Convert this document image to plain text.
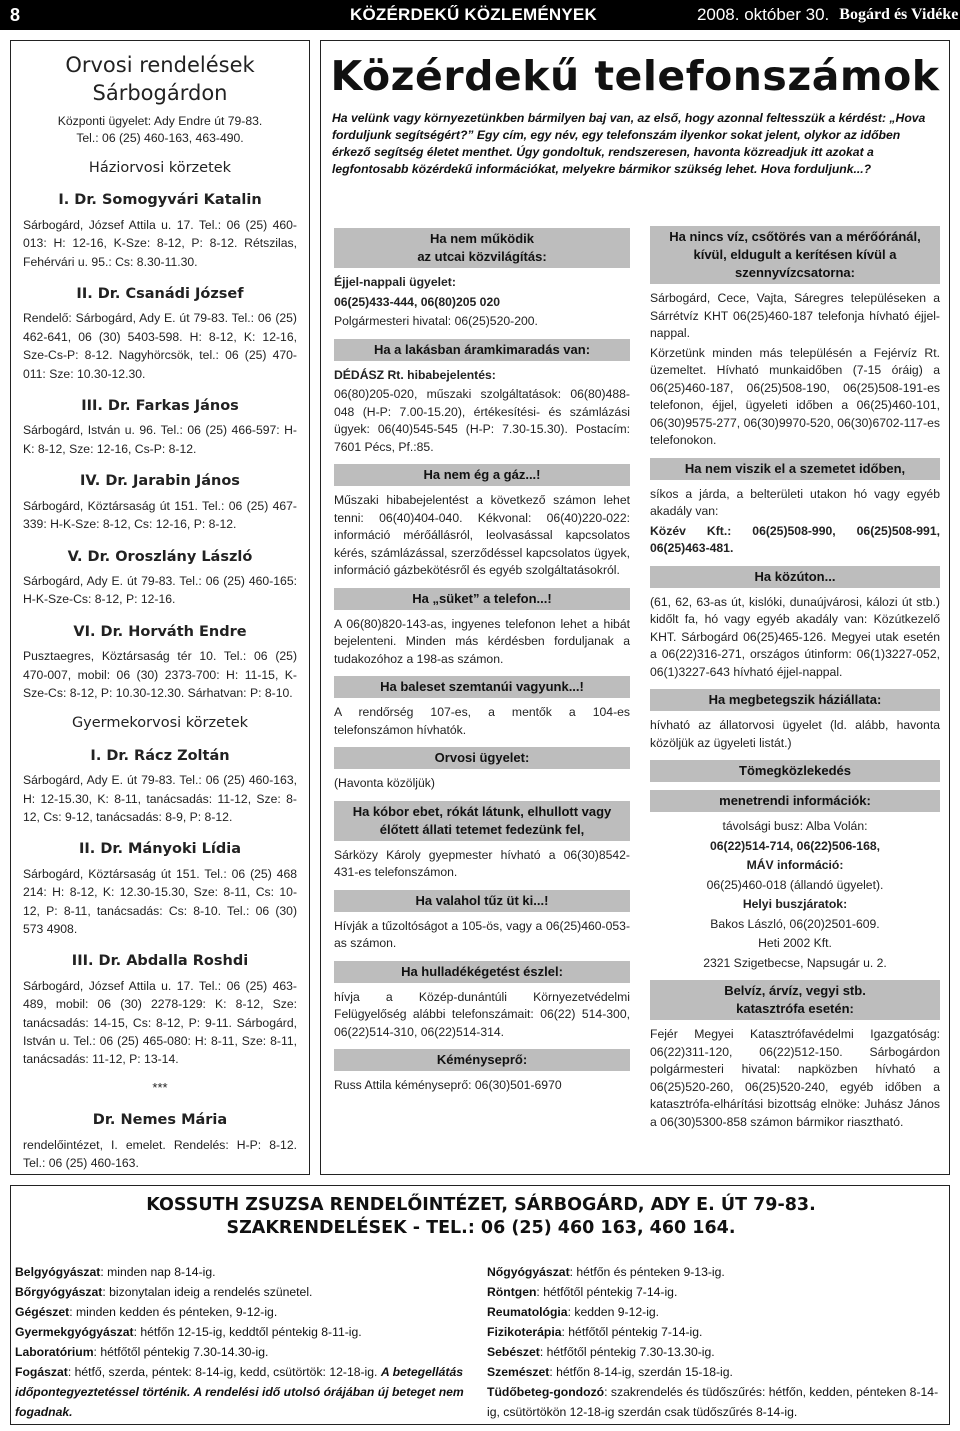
8	KÖZÉRDEKŰ KÖZLEMÉNYEK	2008. október 30. Bogárd és Vidéke
Orvosi rendelések
Sárbogárdon
Központi ügyelet: Ady Endre út 79-83.
Tel.: 06 (25) 460-163, 463-490.
Háziorvosi körzetek
I. Dr. Somogyvári Katalin
Sárbogárd, József Attila u. 17. Tel.: 06 (25) 460-013: H: 12-16, K-Sze: 8-12, P: 8-12. Rétszilas, Fehérvári u. 95.: Cs: 8.30-11.30.
II. Dr. Csanádi József
Rendelő: Sárbogárd, Ady E. út 79-83. Tel.: 06 (25) 462-641, 06 (30) 5403-598. H: 8-12, K: 12-16, Sze-Cs-P: 8-12. Nagyhörcsök, tel.: 06 (25) 470-011: Sze: 10.30-12.30.
III. Dr. Farkas János
Sárbogárd, István u. 96. Tel.: 06 (25) 466-597: H-K: 8-12, Sze: 12-16, Cs-P: 8-12.
IV. Dr. Jarabin János
Sárbogárd, Köztársaság út 151. Tel.: 06 (25) 467-339: H-K-Sze: 8-12, Cs: 12-16, P: 8-12.
V. Dr. Oroszlány László
Sárbogárd, Ady E. út 79-83. Tel.: 06 (25) 460-165: H-K-Sze-Cs: 8-12, P: 12-16.
VI. Dr. Horváth Endre
Pusztaegres, Köztársaság tér 10. Tel.: 06 (25) 470-007, mobil: 06 (30) 2373-700: H: 11-15, K-Sze-Cs: 8-12, P: 10.30-12.30. Sárhatvan: P: 8-10.
Gyermekorvosi körzetek
I. Dr. Rácz Zoltán
Sárbogárd, Ady E. út 79-83. Tel.: 06 (25) 460-163, H: 12-15.30, K: 8-11, tanácsadás: 11-12, Sze: 8-12, Cs: 9-12, tanácsadás: 8-9, P: 8-12.
II. Dr. Mányoki Lídia
Sárbogárd, Köztársaság út 151. Tel.: 06 (25) 468 214: H: 8-12, K: 12.30-15.30, Sze: 8-11, Cs: 10-12, P: 8-11, tanácsadás: Cs: 8-10. Tel.: 06 (30) 573 4908.
III. Dr. Abdalla Roshdi
Sárbogárd, József Attila u. 17. Tel.: 06 (25) 463-489, mobil: 06 (30) 2278-129: K: 8-12, Sze: tanácsadás: 14-15, Cs: 8-12, P: 9-11. Sárbogárd, István u. Tel.: 06 (25) 465-080: H: 8-11, Sze: 8-11, tanácsadás: 11-12, P: 13-14.
***
Dr. Nemes Mária
rendelőintézet, I. emelet. Rendelés: H-P: 8-12. Tel.: 06 (25) 460-163.
Közérdekű telefonszámok
Ha velünk vagy környezetünkben bármilyen baj van, az első, hogy azonnal feltesszük a kérdést: „Hova forduljunk segítségért?” Egy cím, egy név, egy telefonszám ilyenkor sokat jelent, olykor az időben érkező segítség életet menthet. Úgy gondoltuk, rendszeresen, havonta közreadjuk itt azokat a legfontosabb közérdekű információkat, melyekre bármikor szükség lehet. Hova forduljunk...?
Ha nem működik
az utcai közvilágítás:

Éjjel-nappali ügyelet:

06(25)433-444, 06(80)205 020

Polgármesteri hivatal: 06(25)520-200.

Ha a lakásban áramkimaradás van:

DÉDÁSZ Rt. hibabejelentés:

06(80)205-020, műszaki szolgáltatások: 06(80)488-048 (H-P: 7.00-15.20), értékesítési- és számlázási ügyek: 06(40)545-545 (H-P: 7.30-15.30). Postacím: 7601 Pécs, Pf.:85.

Ha nem ég a gáz...!

Műszaki hibabejelentést a következő számon lehet tenni: 06(40)404-040. Kékvonal: 06(40)220-022: információ mérőállásról, leolvasással kapcsolatos kérés, számlázással, szerződéssel kapcsolatos ügyek, információ gázbekötésről és egyéb szolgáltatásokról.

Ha „süket” a telefon...!

A 06(80)820-143-as, ingyenes telefonon lehet a hibát bejelenteni. Minden más kérdésben forduljanak a tudakozóhoz a 198-as számon.

Ha baleset szemtanúi vagyunk...!

A rendőrség 107-es, a mentők a 104-es telefonszámon hívhatók.

Orvosi ügyelet:

(Havonta közöljük)

Ha kóbor ebet, rókát látunk, elhullott vagy élőtett állati tetemet fedezünk fel,

Sárközy Károly gyepmester hívható a 06(30)8542-431-es telefonszámon.

Ha valahol tűz üt ki...!

Hívják a tűzoltóságot a 105-ös, vagy a 06(25)460-053-as számon.

Ha hulladékégetést észlel:

hívja a Közép-dunántúli Környezetvédelmi Felügyelőség alábbi telefonszámait: 06(22) 514-300, 06(22)514-310, 06(22)514-314.

Kéményseprő:

Russ Attila kéményseprő: 06(30)501-6970

Ha nincs víz, csőtörés van a mérőóránál, kívül, eldugult a kerítésen kívül a szennyvízcsatorna:

Sárbogárd, Cece, Vajta, Sáregres településeken a Sárrétvíz KHT 06(25)460-187 telefonja hívható éjjel-nappal.

Körzetünk minden más településén a Fejérvíz Rt. üzemeltet. Hívható munkaidőben (7-15 óráig) a 06(25)460-187, 06(25)508-190, 06(25)508-191-es telefonon, éjjel, ügyeleti időben a 06(25)460-101, 06(30)9575-277, 06(30)9970-520, 06(30)6702-117-es telefonokon.

Ha nem viszik el a szemetet időben,

síkos a járda, a belterületi utakon hó vagy egyéb akadály van:

Közév Kft.: 06(25)508-990, 06(25)508-991, 06(25)463-481.

Ha közúton...

(61, 62, 63-as út, kislóki, dunaújvárosi, kálozi út stb.) kidőlt fa, hó vagy egyéb akadály van: Közútkezelő KHT. Sárbogárd 06(25)465-126. Megyei utak esetén a 06(22)316-271, országos útinform: 06(1)3227-052, 06(1)3227-643 hívható éjjel-nappal.

Ha megbetegszik háziállata:

hívható az állatorvosi ügyelet (ld. alább, havonta közöljük az ügyeleti listát.)

Tömegközlekedés
menetrendi információk:

távolsági busz: Alba Volán:

06(22)514-714, 06(22)506-168,

MÁV információ:

06(25)460-018 (állandó ügyelet).

Helyi buszjáratok:

Bakos László, 06(20)2501-609.

Heti 2002 Kft.

2321 Szigetbecse, Napsugár u. 2.

Belvíz, árvíz, vegyi stb.
katasztrófa esetén:

Fejér Megyei Katasztrófavédelmi Igazgatóság: 06(22)311-120, 06(22)512-150. Sárbogárdon polgármesteri hivatal: napközben hívható a 06(25)520-260, 06(25)520-240, egyéb időben a katasztrófa-elhárítási bizottság elnöke: Juhász János a 06(30)5300-858 számon bármikor riasztható.

KOSSUTH ZSUZSA RENDELŐINTÉZET, SÁRBOGÁRD, ADY E. ÚT 79-83.
SZAKRENDELÉSEK - TEL.: 06 (25) 460 163, 460 164.
Belgyógyászat: minden nap 8-14-ig.
Bőrgyógyászat: bizonytalan ideig a rendelés szünetel.
Gégészet: minden kedden és pénteken, 9-12-ig.
Gyermekgyógyászat: hétfőn 12-15-ig, keddtől péntekig 8-11-ig.
Laboratórium: hétfőtől péntekig 7.30-14.30-ig.
Fogászat: hétfő, szerda, péntek: 8-14-ig, kedd, csütörtök: 12-18-ig. A betegellátás időpontegyeztetéssel történik. A rendelési idő utolsó órájában új beteget nem fogadnak.
Nőgyógyászat: hétfőn és pénteken 9-13-ig.
Röntgen: hétfőtől péntekig 7-14-ig.
Reumatológia: kedden 9-12-ig.
Fizikoterápia: hétfőtől péntekig 7-14-ig.
Sebészet: hétfőtől péntekig 7.30-13.30-ig.
Szemészet: hétfőn 8-14-ig, szerdán 15-18-ig.
Tüdőbeteg-gondozó: szakrendelés és tüdőszűrés: hétfőn, kedden, pénteken 8-14-ig, csütörtökön 12-18-ig szerdán csak tüdőszűrés 8-14-ig.
